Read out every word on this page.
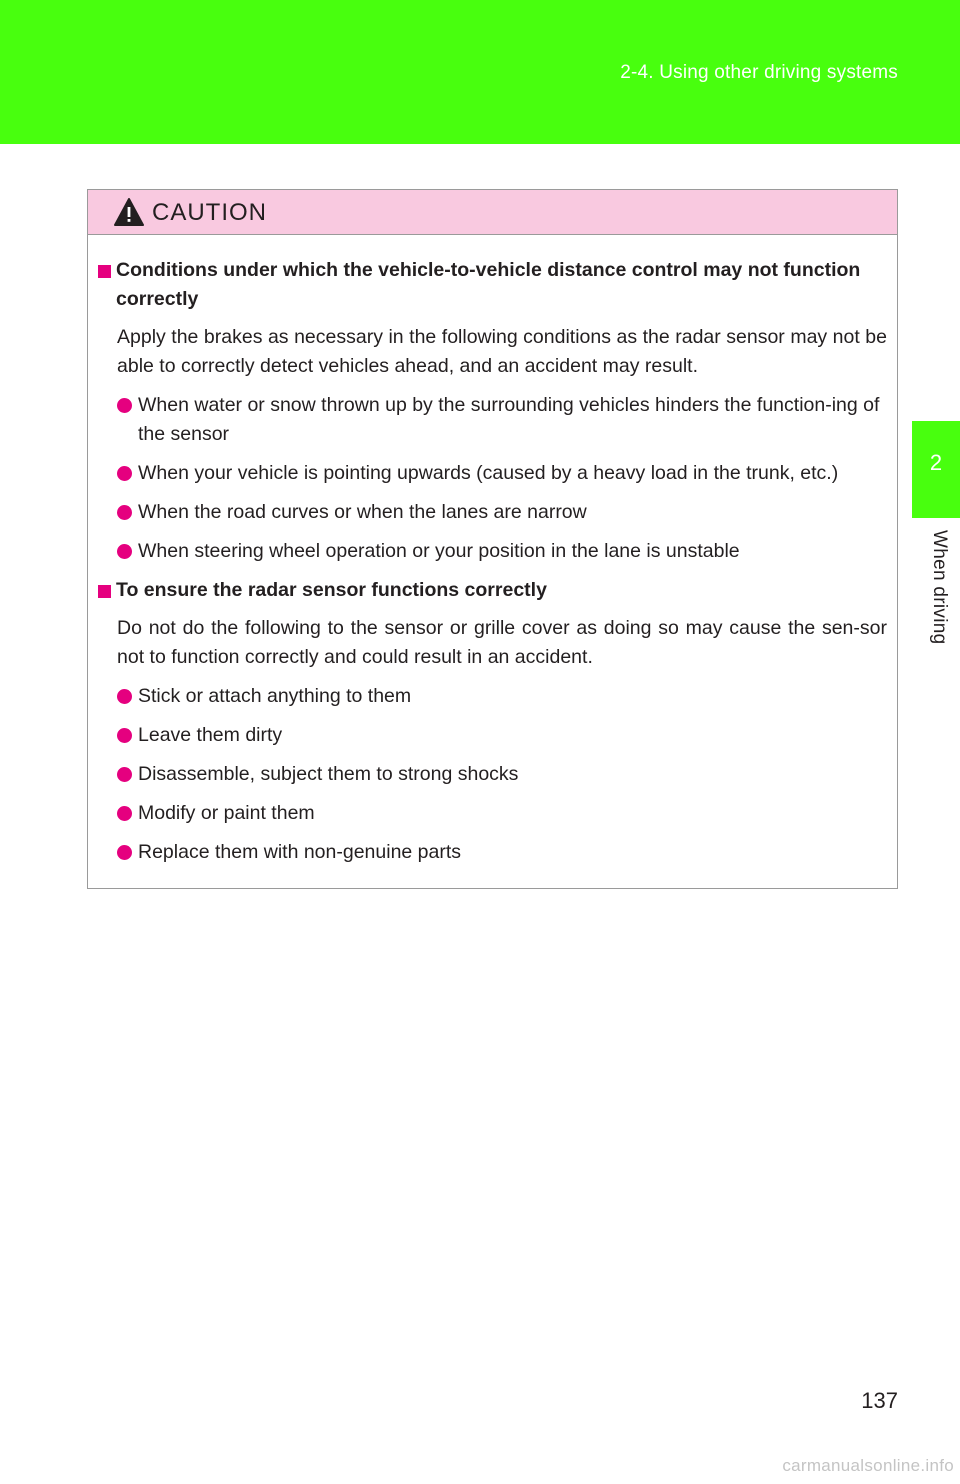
2-4. Using other driving systems
2
When driving
CAUTION
Conditions under which the vehicle-to-vehicle distance control may not function correctly
Apply the brakes as necessary in the following conditions as the radar sensor may not be able to correctly detect vehicles ahead, and an accident may result.
When water or snow thrown up by the surrounding vehicles hinders the function-ing of the sensor
When your vehicle is pointing upwards (caused by a heavy load in the trunk, etc.)
When the road curves or when the lanes are narrow
When steering wheel operation or your position in the lane is unstable
To ensure the radar sensor functions correctly
Do not do the following to the sensor or grille cover as doing so may cause the sen-sor not to function correctly and could result in an accident.
Stick or attach anything to them
Leave them dirty
Disassemble, subject them to strong shocks
Modify or paint them
Replace them with non-genuine parts
137
carmanualsonline.info
